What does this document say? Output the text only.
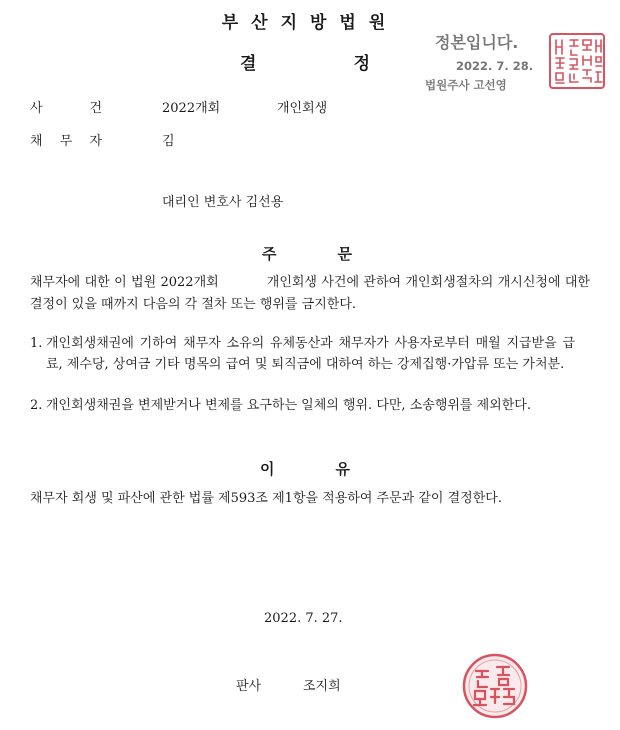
부산지방법원
결	정
정본입니다.
2022. 7. 28.
법원주사 고선영
사	건	2022개회	개인회생
채 무 자	김
대리인 변호사 김선용
주	문
채무자에 대한 이 법원 2022개회           개인회생 사건에 관하여 개인회생절차의 개시신청에 대한 결정이 있을 때까지 다음의 각 절차 또는 행위를 금지한다.
1. 개인회생채권에 기하여 채무자 소유의 유체동산과 채무자가 사용자로부터 매월 지급받을 급료, 제수당, 상여금 기타 명목의 급여 및 퇴직금에 대하여 하는 강제집행·가압류 또는 가처분.
2. 개인회생채권을 변제받거나 변제를 요구하는 일체의 행위. 다만, 소송행위를 제외한다.
이	유
채무자 회생 및 파산에 관한 법률 제593조 제1항을 적용하여 주문과 같이 결정한다.
2022. 7. 27.
판사	조지희
